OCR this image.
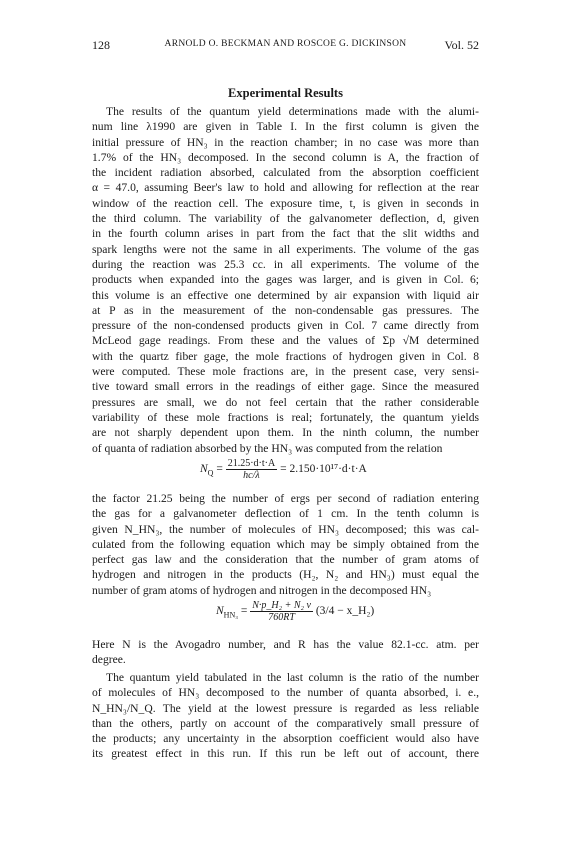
128	ARNOLD O. BECKMAN AND ROSCOE G. DICKINSON	Vol. 52
Experimental Results
The results of the quantum yield determinations made with the alumi-
num line λ1990 are given in Table I. In the first column is given the
initial pressure of HN₃ in the reaction chamber; in no case was more than
1.7% of the HN₃ decomposed. In the second column is A, the fraction of
the incident radiation absorbed, calculated from the absorption coefficient
α = 47.0, assuming Beer's law to hold and allowing for reflection at the rear
window of the reaction cell. The exposure time, t, is given in seconds in
the third column. The variability of the galvanometer deflection, d, given
in the fourth column arises in part from the fact that the slit widths and
spark lengths were not the same in all experiments. The volume of the gas
during the reaction was 25.3 cc. in all experiments. The volume of the
products when expanded into the gages was larger, and is given in Col. 6;
this volume is an effective one determined by air expansion with liquid air
at P as in the measurement of the non-condensable gas pressures. The
pressure of the non-condensed products given in Col. 7 came directly from
McLeod gage readings. From these and the values of Σp √M determined
with the quartz fiber gage, the mole fractions of hydrogen given in Col. 8
were computed. These mole fractions are, in the present case, very sensi-
tive toward small errors in the readings of either gage. Since the measured
pressures are small, we do not feel certain that the rather considerable
variability of these mole fractions is real; fortunately, the quantum yields
are not sharply dependent upon them. In the ninth column, the number
of quanta of radiation absorbed by the HN₃ was computed from the relation
$N_Q = \frac{21.25\cdot d\cdot t\cdot A}{hc/\lambda} = 2.150\cdot 10^{17}\cdot d\cdot t\cdot A$
the factor 21.25 being the number of ergs per second of radiation entering
the gas for a galvanometer deflection of 1 cm. In the tenth column is
given N_HN₃, the number of molecules of HN₃ decomposed; this was cal-
culated from the following equation which may be simply obtained from the
perfect gas law and the consideration that the number of gram atoms of
hydrogen and nitrogen in the products (H₂, N₂ and HN₃) must equal the
number of gram atoms of hydrogen and nitrogen in the decomposed HN₃
$N_{HN_3} = \frac{\text{N·p\_H₂ + N₂ v}}{760RT} (3/4$ − x_H₂)
Here N is the Avogadro number, and R has the value 82.1-cc. atm. per
degree.
The quantum yield tabulated in the last column is the ratio of the number
of molecules of HN₃ decomposed to the number of quanta absorbed, i. e.,
N_HN₃/N_Q. The yield at the lowest pressure is regarded as less reliable
than the others, partly on account of the comparatively small pressure of
the products; any uncertainty in the absorption coefficient would also have
its greatest effect in this run. If this run be left out of account, there
